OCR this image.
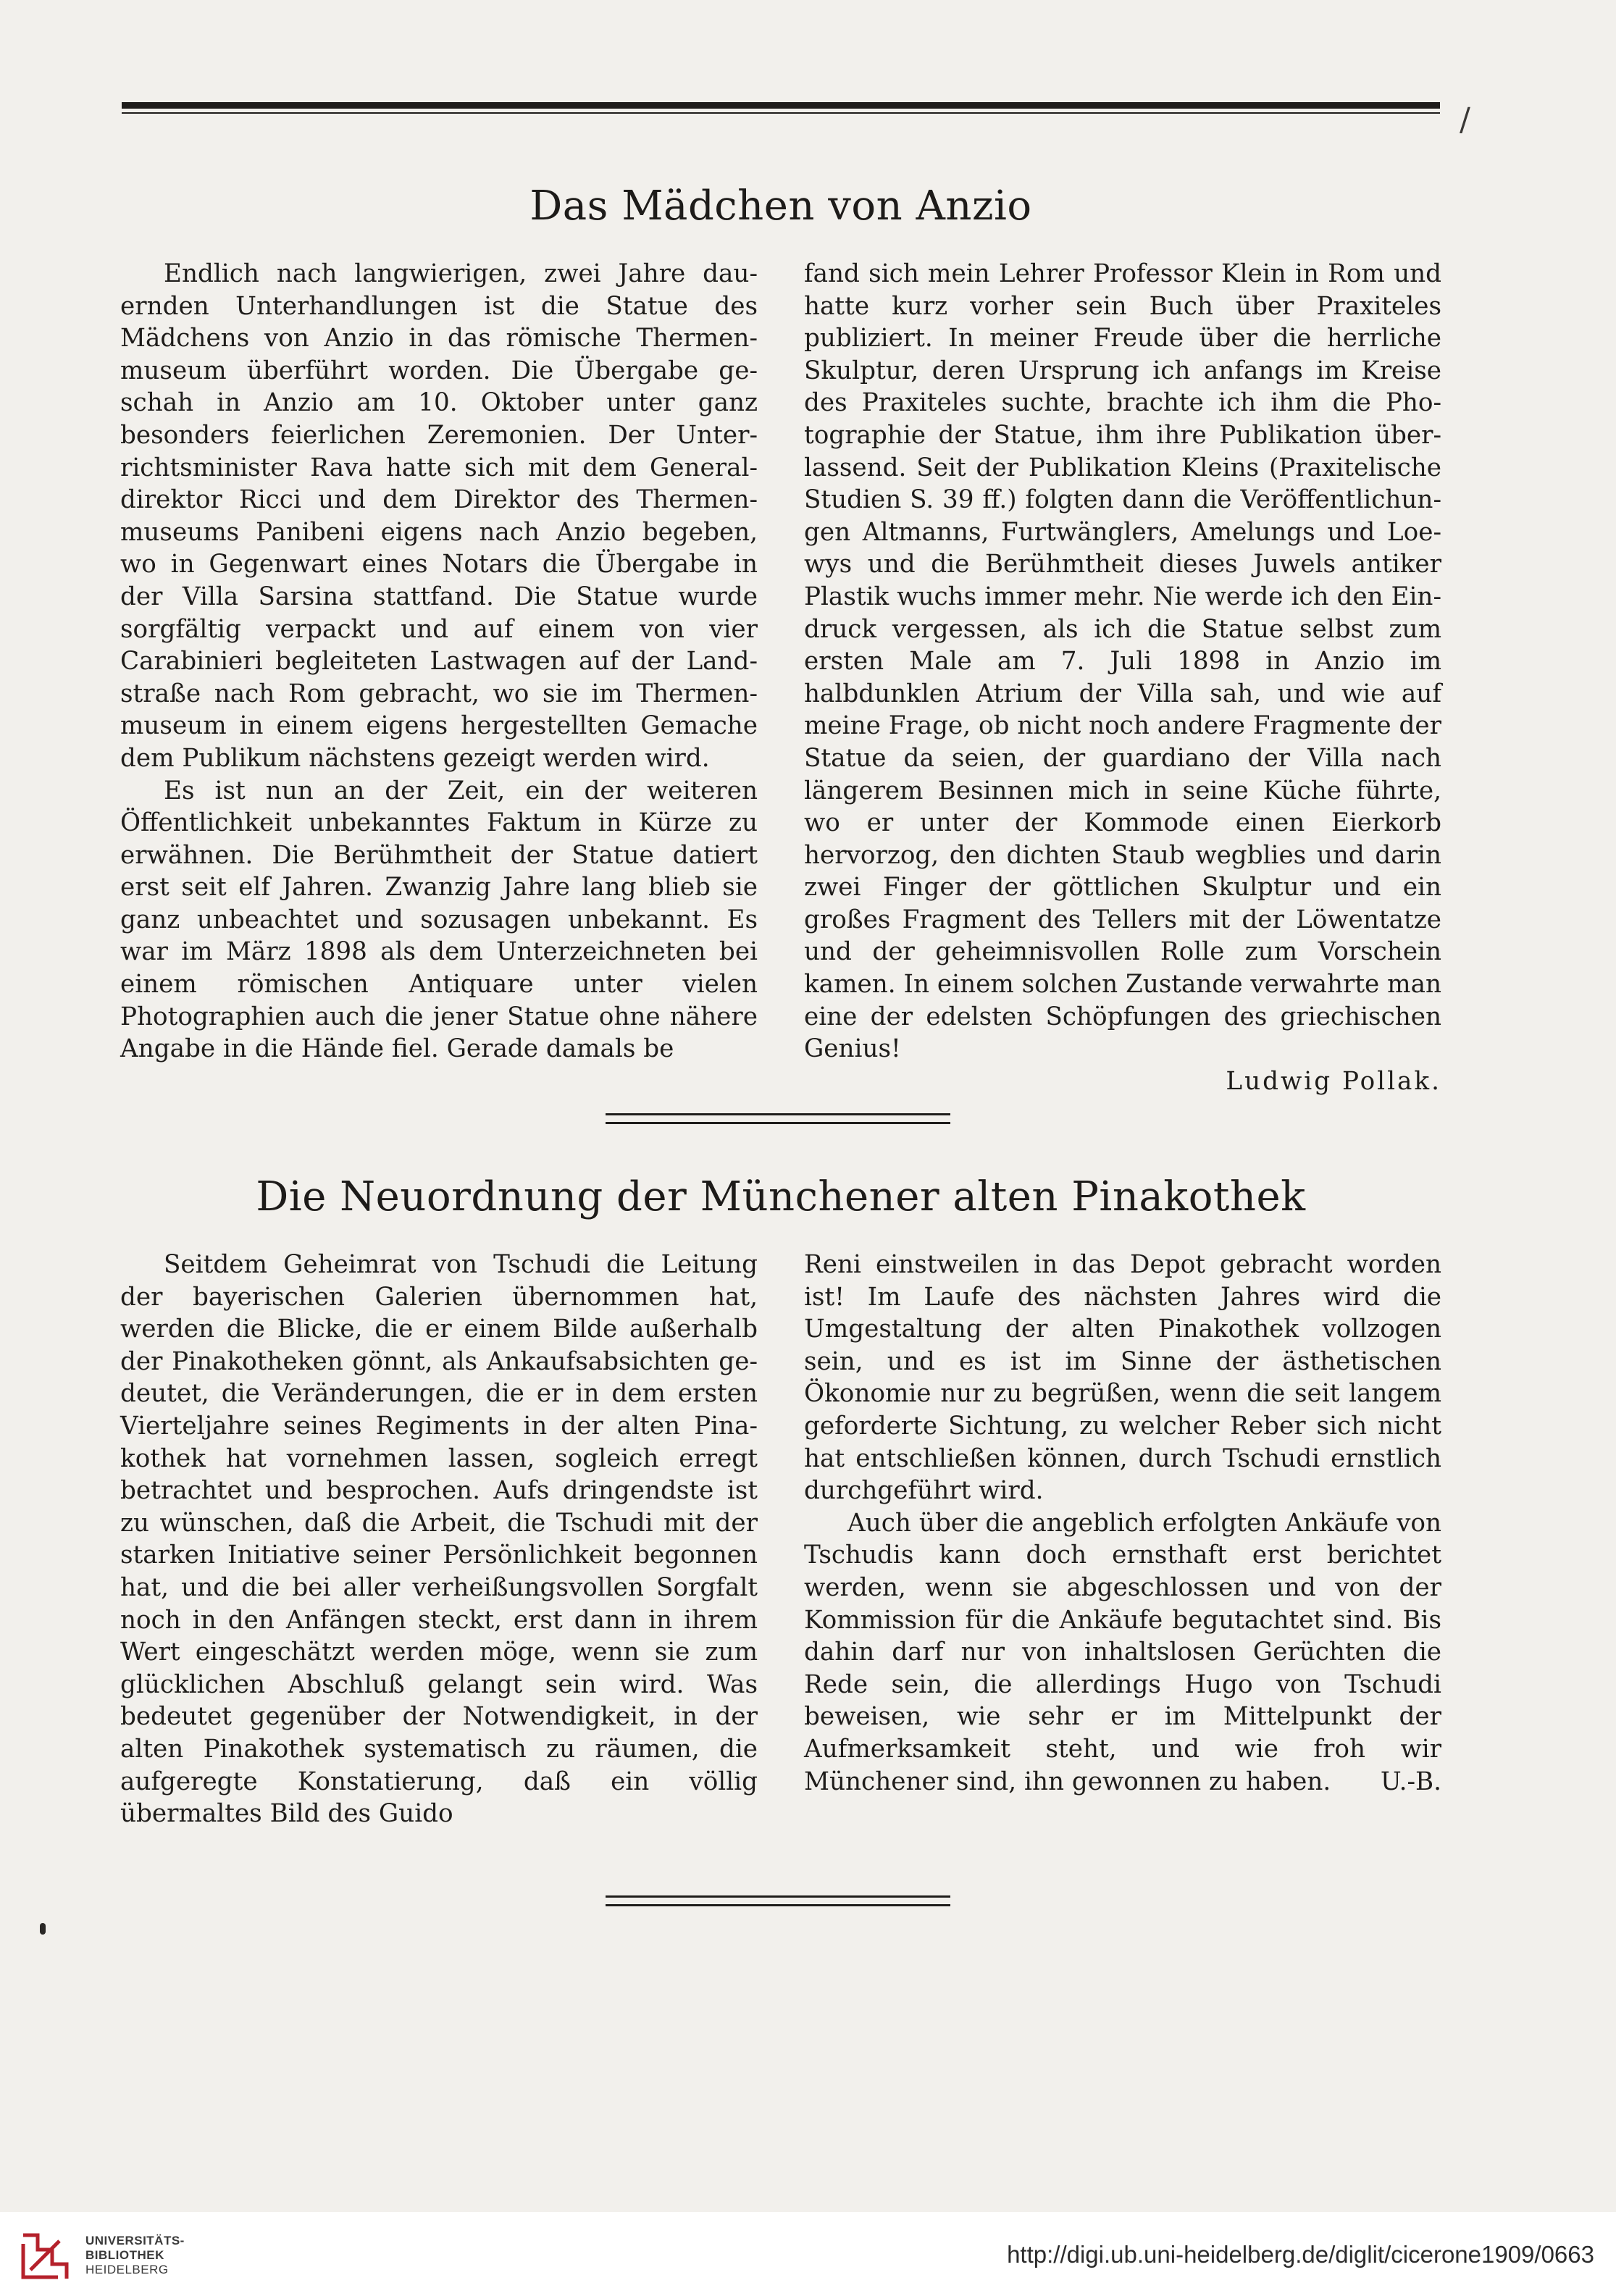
/
Das Mädchen von Anzio

Endlich nach langwierigen, zwei Jahre dauernden Unterhandlungen ist die Statue des Mädchens von Anzio in das römische Thermenmuseum überführt worden. Die Übergabe geschah in Anzio am 10. Oktober unter ganz besonders feierlichen Zeremonien. Der Unterrichtsminister Rava hatte sich mit dem Generaldirektor Ricci und dem Direktor des Thermenmuseums Panibeni eigens nach Anzio begeben, wo in Gegenwart eines Notars die Übergabe in der Villa Sarsina stattfand. Die Statue wurde sorgfältig verpackt und auf einem von vier Carabinieri begleiteten Lastwagen auf der Landstraße nach Rom gebracht, wo sie im Thermenmuseum in einem eigens hergestellten Gemache dem Publikum nächstens gezeigt werden wird.

Es ist nun an der Zeit, ein der weiteren Öffentlichkeit unbekanntes Faktum in Kürze zu erwähnen. Die Berühmtheit der Statue datiert erst seit elf Jahren. Zwanzig Jahre lang blieb sie ganz unbeachtet und sozusagen unbekannt. Es war im März 1898 als dem Unterzeichneten bei einem römischen Antiquare unter vielen Photographien auch die jener Statue ohne nähere Angabe in die Hände fiel. Gerade damals be

fand sich mein Lehrer Professor Klein in Rom und hatte kurz vorher sein Buch über Praxiteles publiziert. In meiner Freude über die herrliche Skulptur, deren Ursprung ich anfangs im Kreise des Praxiteles suchte, brachte ich ihm die Photographie der Statue, ihm ihre Publikation überlassend. Seit der Publikation Kleins (Praxitelische Studien S. 39 ff.) folgten dann die Veröffentlichungen Altmanns, Furtwänglers, Amelungs und Loewys und die Berühmtheit dieses Juwels antiker Plastik wuchs immer mehr. Nie werde ich den Eindruck vergessen, als ich die Statue selbst zum ersten Male am 7. Juli 1898 in Anzio im halbdunklen Atrium der Villa sah, und wie auf meine Frage, ob nicht noch andere Fragmente der Statue da seien, der guardiano der Villa nach längerem Besinnen mich in seine Küche führte, wo er unter der Kommode einen Eierkorb hervorzog, den dichten Staub wegblies und darin zwei Finger der göttlichen Skulptur und ein großes Fragment des Tellers mit der Löwentatze und der geheimnisvollen Rolle zum Vorschein kamen. In einem solchen Zustande verwahrte man eine der edelsten Schöpfungen des griechischen Genius!

Ludwig Pollak.
Die Neuordnung der Münchener alten Pinakothek

Seitdem Geheimrat von Tschudi die Leitung der bayerischen Galerien übernommen hat, werden die Blicke, die er einem Bilde außerhalb der Pinakotheken gönnt, als Ankaufsabsichten gedeutet, die Veränderungen, die er in dem ersten Vierteljahre seines Regiments in der alten Pinakothek hat vornehmen lassen, sogleich erregt betrachtet und besprochen. Aufs dringendste ist zu wünschen, daß die Arbeit, die Tschudi mit der starken Initiative seiner Persönlichkeit begonnen hat, und die bei aller verheißungsvollen Sorgfalt noch in den Anfängen steckt, erst dann in ihrem Wert eingeschätzt werden möge, wenn sie zum glücklichen Abschluß gelangt sein wird. Was bedeutet gegenüber der Notwendigkeit, in der alten Pinakothek systematisch zu räumen, die aufgeregte Konstatierung, daß ein völlig übermaltes Bild des Guido

Reni einstweilen in das Depot gebracht worden ist! Im Laufe des nächsten Jahres wird die Umgestaltung der alten Pinakothek vollzogen sein, und es ist im Sinne der ästhetischen Ökonomie nur zu begrüßen, wenn die seit langem geforderte Sichtung, zu welcher Reber sich nicht hat entschließen können, durch Tschudi ernstlich durchgeführt wird.

Auch über die angeblich erfolgten Ankäufe von Tschudis kann doch ernsthaft erst berichtet werden, wenn sie abgeschlossen und von der Kommission für die Ankäufe begutachtet sind. Bis dahin darf nur von inhaltslosen Gerüchten die Rede sein, die allerdings Hugo von Tschudi beweisen, wie sehr er im Mittelpunkt der Aufmerksamkeit steht, und wie froh wir Münchener sind, ihn gewonnen zu haben.	U.-B.

UNIVERSITÄTS-
BIBLIOTHEK
HEIDELBERG
http://digi.ub.uni-heidelberg.de/diglit/cicerone1909/0663
